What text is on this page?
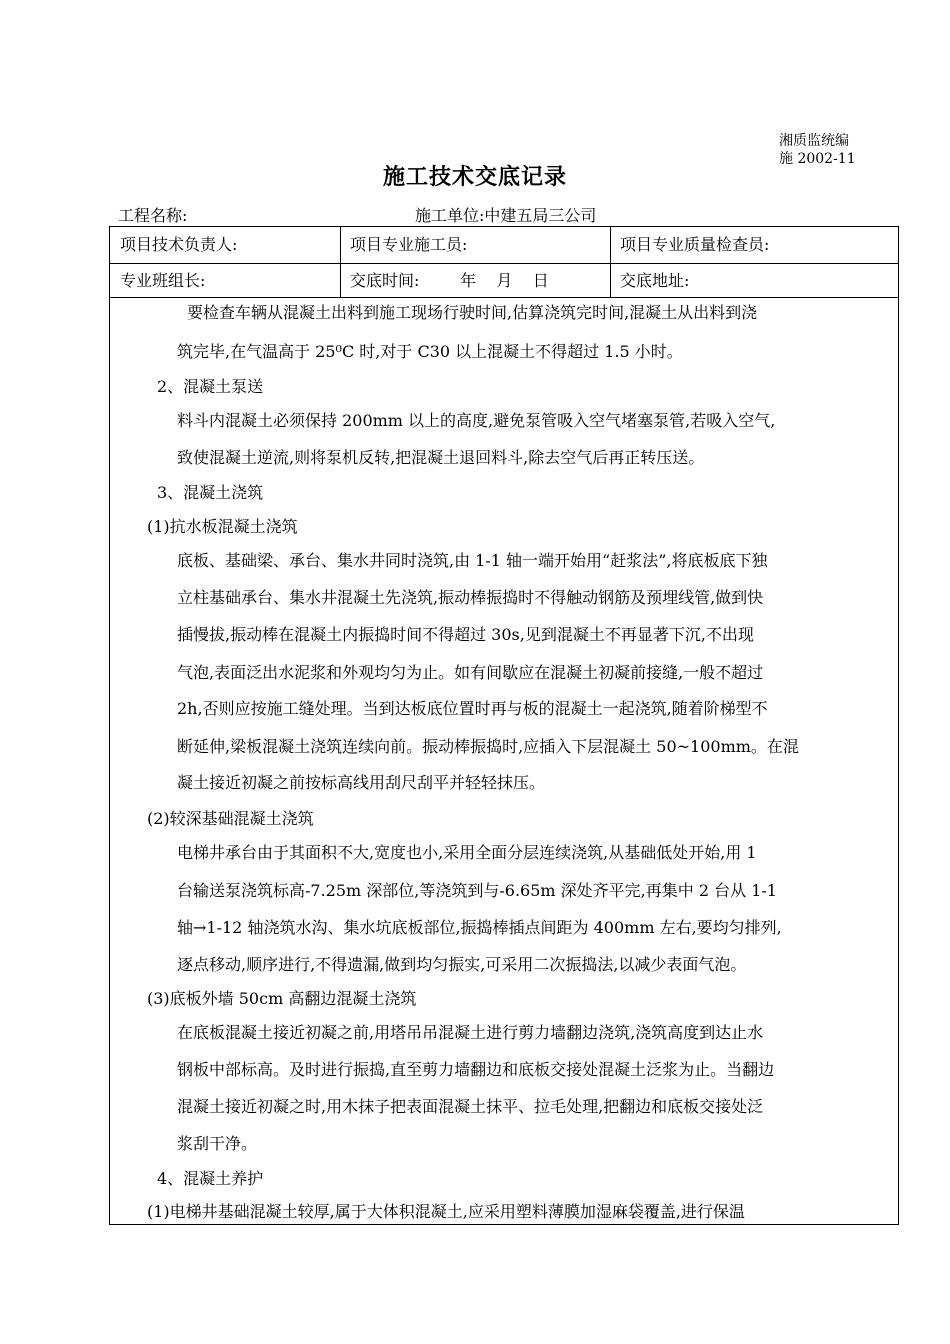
湘质监统编
施 2002-11
施工技术交底记录
工程名称:	施工单位:中建五局三公司
项目技术负责人:	项目专业施工员:	项目专业质量检查员:
专业班组长:	交底时间:        年    月    日	交底地址:
要检查车辆从混凝土出料到施工现场行驶时间,估算浇筑完时间,混凝土从出料到浇
筑完毕,在气温高于 25⁰C 时,对于 C30 以上混凝土不得超过 1.5 小时。
2、混凝土泵送
料斗内混凝土必须保持 200mm 以上的高度,避免泵管吸入空气堵塞泵管,若吸入空气,
致使混凝土逆流,则将泵机反转,把混凝土退回料斗,除去空气后再正转压送。
3、混凝土浇筑
(1)抗水板混凝土浇筑
底板、基础梁、承台、集水井同时浇筑,由 1-1 轴一端开始用“赶浆法”,将底板底下独
立柱基础承台、集水井混凝土先浇筑,振动棒振捣时不得触动钢筋及预埋线管,做到快
插慢拔,振动棒在混凝土内振捣时间不得超过 30s,见到混凝土不再显著下沉,不出现
气泡,表面泛出水泥浆和外观均匀为止。如有间歇应在混凝土初凝前接缝,一般不超过
2h,否则应按施工缝处理。当到达板底位置时再与板的混凝土一起浇筑,随着阶梯型不
断延伸,梁板混凝土浇筑连续向前。振动棒振捣时,应插入下层混凝土 50~100mm。在混
凝土接近初凝之前按标高线用刮尺刮平并轻轻抹压。
(2)较深基础混凝土浇筑
电梯井承台由于其面积不大,宽度也小,采用全面分层连续浇筑,从基础低处开始,用 1
台输送泵浇筑标高-7.25m 深部位,等浇筑到与-6.65m 深处齐平完,再集中 2 台从 1-1
轴→1-12 轴浇筑水沟、集水坑底板部位,振捣棒插点间距为 400mm 左右,要均匀排列,
逐点移动,顺序进行,不得遗漏,做到均匀振实,可采用二次振捣法,以减少表面气泡。
(3)底板外墙 50cm 高翻边混凝土浇筑
在底板混凝土接近初凝之前,用塔吊吊混凝土进行剪力墙翻边浇筑,浇筑高度到达止水
钢板中部标高。及时进行振捣,直至剪力墙翻边和底板交接处混凝土泛浆为止。当翻边
混凝土接近初凝之时,用木抹子把表面混凝土抹平、拉毛处理,把翻边和底板交接处泛
浆刮干净。
4、混凝土养护
(1)电梯井基础混凝土较厚,属于大体积混凝土,应采用塑料薄膜加湿麻袋覆盖,进行保温
